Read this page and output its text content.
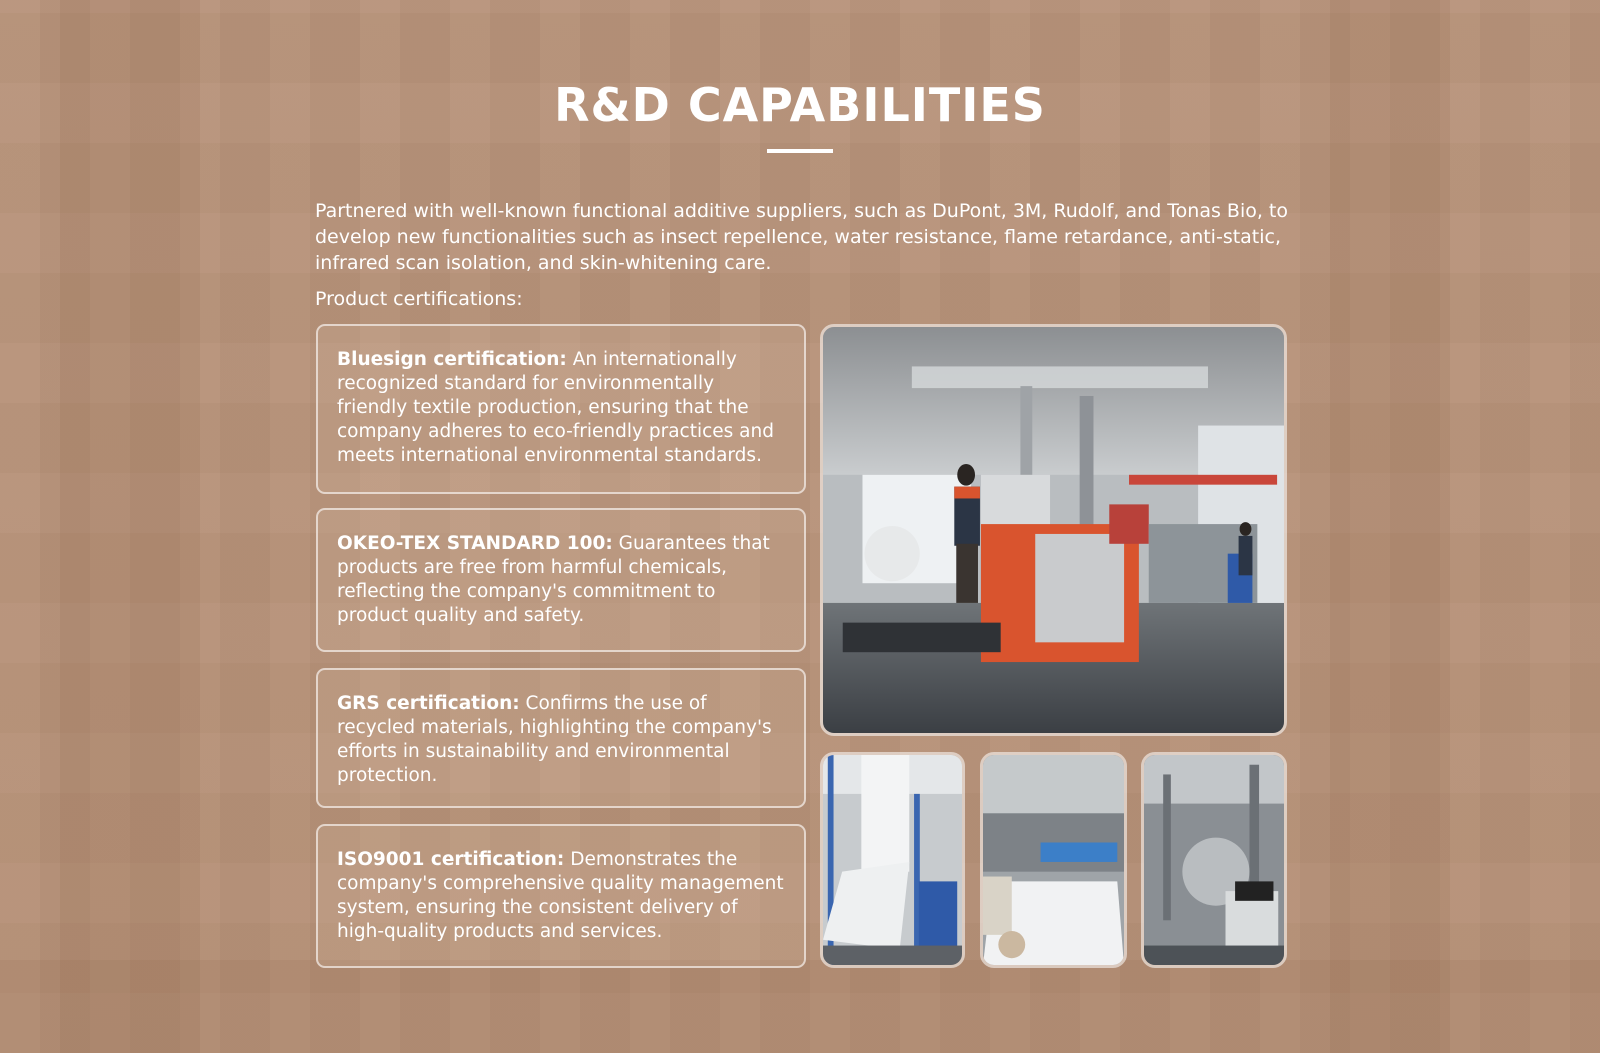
R&D CAPABILITIES

Partnered with well-known functional additive suppliers, such as DuPont, 3M, Rudolf, and Tonas Bio, to develop new functionalities such as insect repellence, water resistance, flame retardance, anti-static, infrared scan isolation, and skin-whitening care.

Product certifications:

Bluesign certification: An internationally recognized standard for environmentally friendly textile production, ensuring that the company adheres to eco-friendly practices and meets international environmental standards.
OKEO-TEX STANDARD 100: Guarantees that products are free from harmful chemicals, reflecting the company's commitment to product quality and safety.
GRS certification: Confirms the use of recycled materials, highlighting the company's efforts in sustainability and environmental protection.
ISO9001 certification: Demonstrates the company's comprehensive quality management system, ensuring the consistent delivery of high-quality products and services.
